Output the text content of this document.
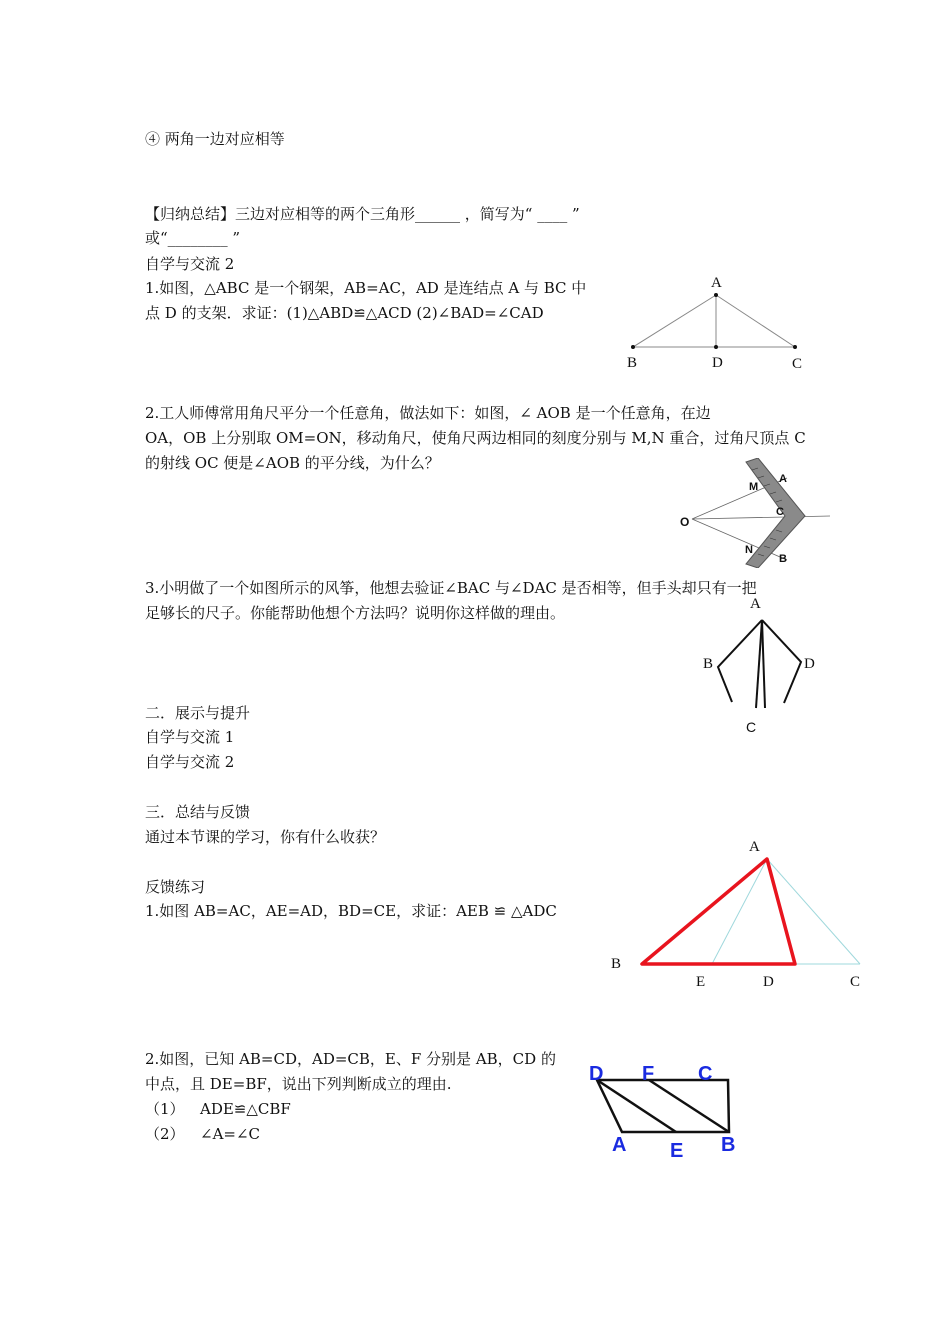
④ 两角一边对应相等
【归纳总结】三边对应相等的两个三角形______ ，简写为“ ____ ”
或“________ ”
自学与交流 2
1.如图，△ABC 是一个钢架，AB=AC，AD 是连结点 A 与 BC 中
点 D 的支架．求证：(1)△ABD≌△ACD (2)∠BAD=∠CAD
2.工人师傅常用角尺平分一个任意角，做法如下：如图，∠ AOB 是一个任意角，在边
OA，OB 上分别取 OM=ON，移动角尺，使角尺两边相同的刻度分别与 M,N 重合，过角尺顶点 C
的射线 OC 便是∠AOB 的平分线，为什么？
3.小明做了一个如图所示的风筝，他想去验证∠BAC 与∠DAC 是否相等，但手头却只有一把
足够长的尺子。你能帮助他想个方法吗？说明你这样做的理由。
二．展示与提升
自学与交流 1
自学与交流 2
三．总结与反馈
通过本节课的学习，你有什么收获？
反馈练习
1.如图 AB=AC，AE=AD，BD=CE，求证：AEB ≌ △ADC
2.如图，已知 AB=CD，AD=CB，E、F 分别是 AB，CD 的
中点，且 DE=BF，说出下列判断成立的理由.
（1） ADE≌△CBF
（2） ∠A=∠C
A
B	D	C
O
M
A
C
N
B
A
B	D
C
A
B
E	D	C
D F C
A E B
